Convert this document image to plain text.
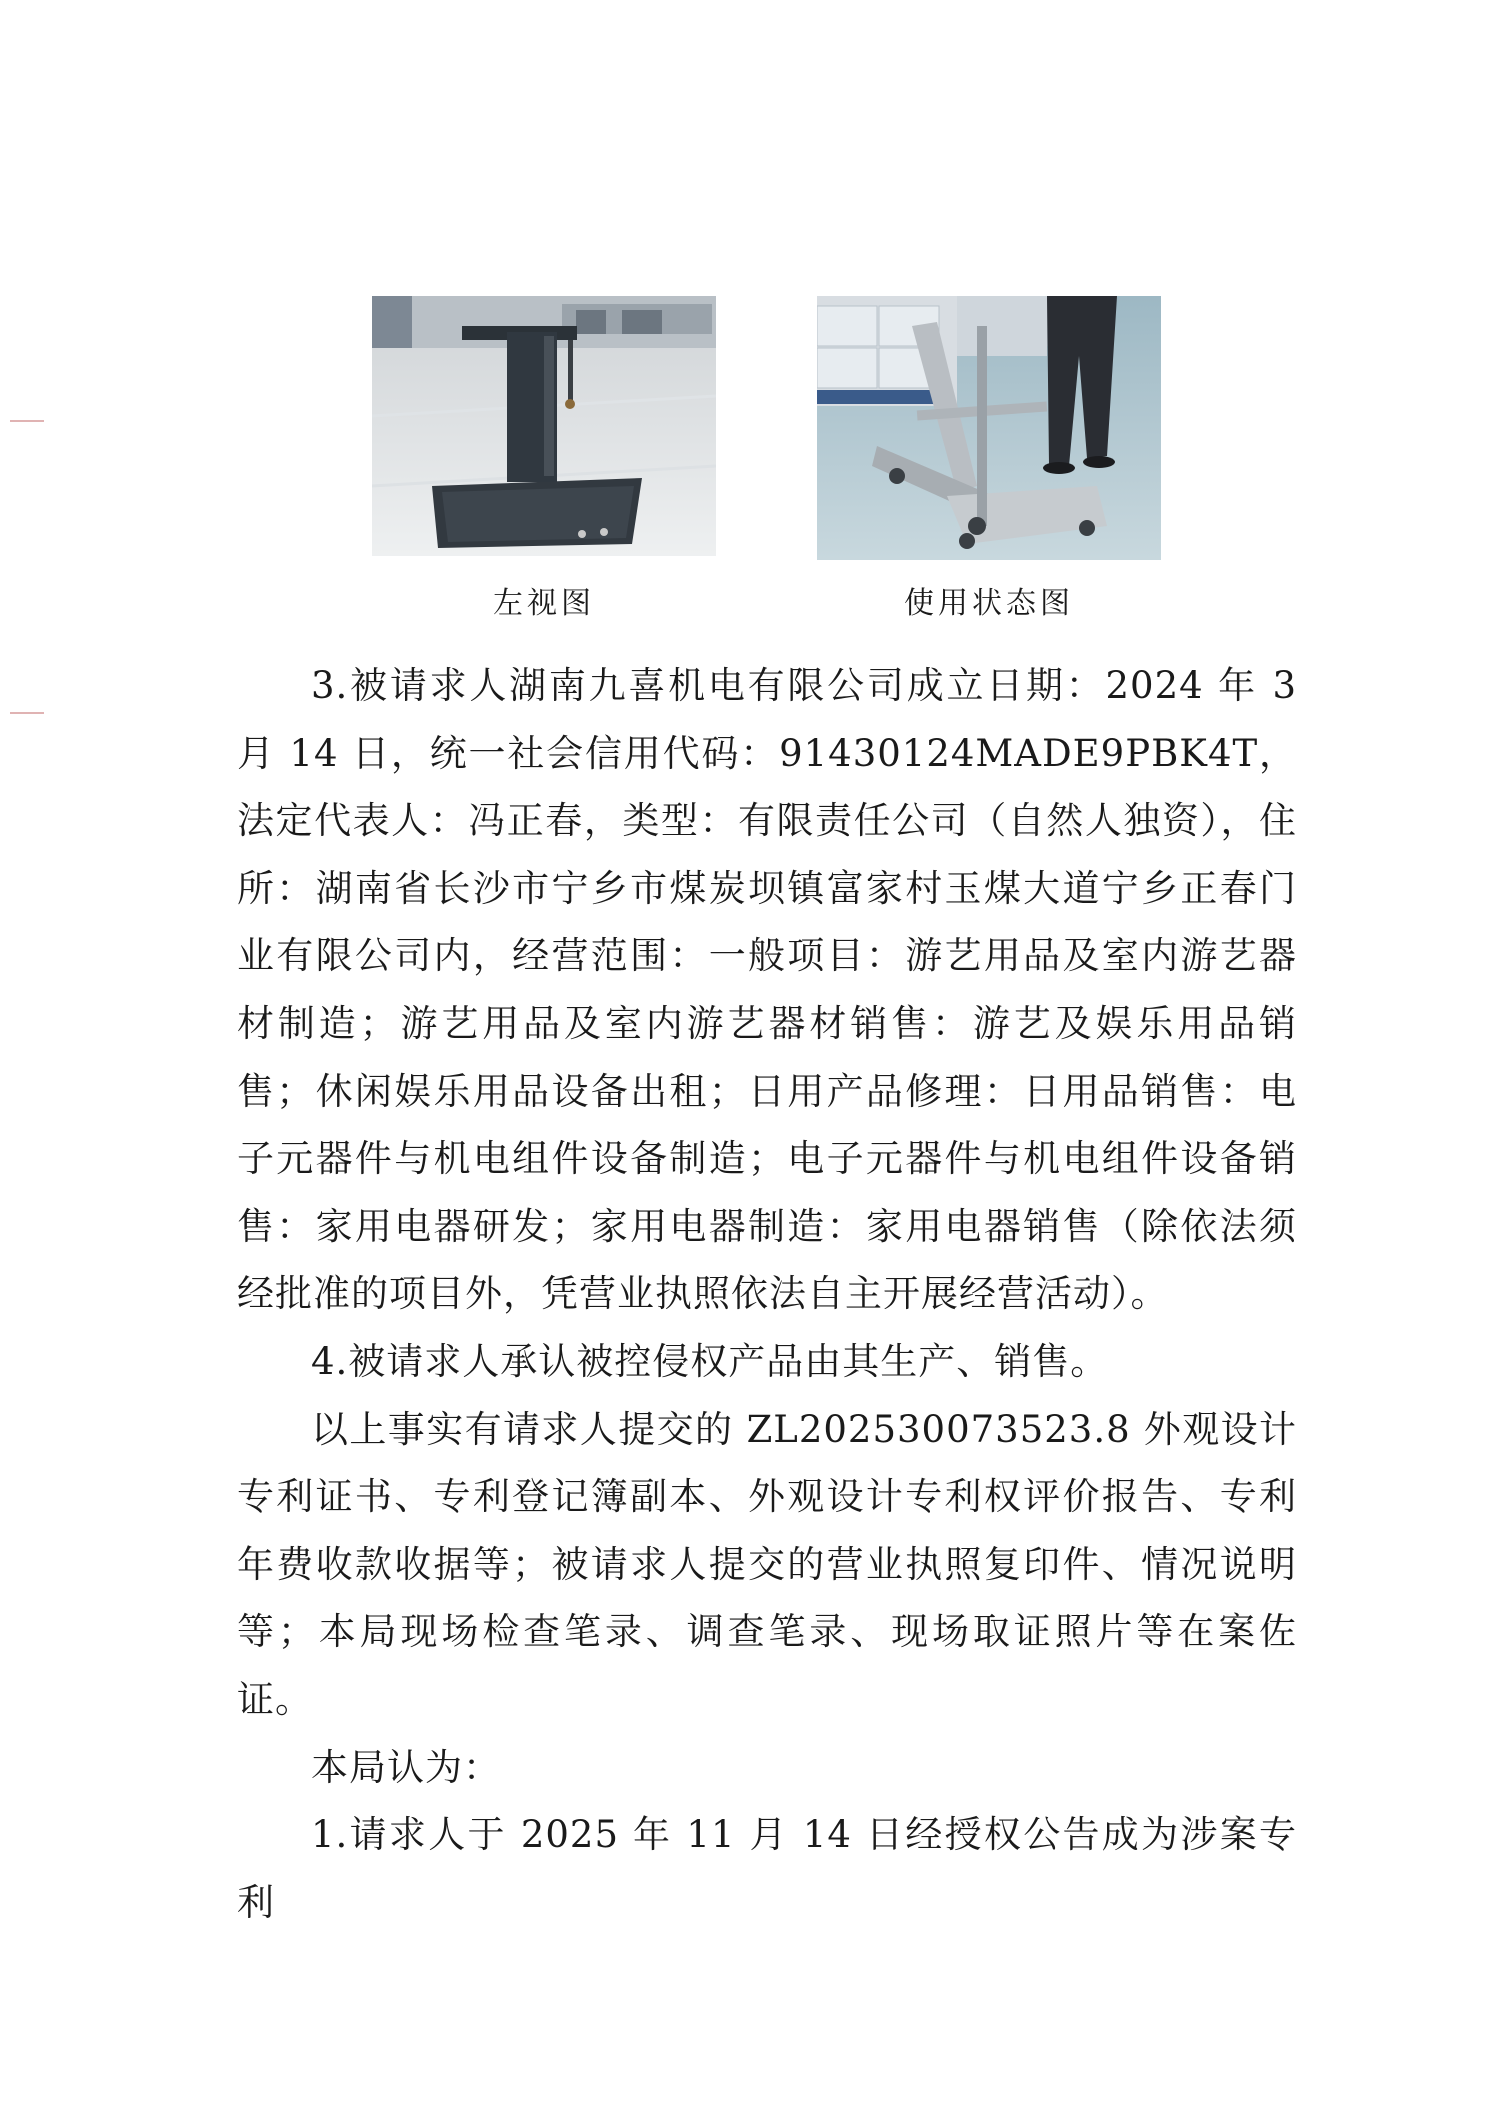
左视图	使用状态图

3.被请求人湖南九喜机电有限公司成立日期：2024 年 3 月 14 日，统一社会信用代码：91430124MADE9PBK4T，法定代表人：冯正春，类型：有限责任公司（自然人独资），住所：湖南省长沙市宁乡市煤炭坝镇富家村玉煤大道宁乡正春门业有限公司内，经营范围：一般项目：游艺用品及室内游艺器材制造；游艺用品及室内游艺器材销售：游艺及娱乐用品销售；休闲娱乐用品设备出租；日用产品修理：日用品销售：电子元器件与机电组件设备制造；电子元器件与机电组件设备销售：家用电器研发；家用电器制造：家用电器销售（除依法须经批准的项目外，凭营业执照依法自主开展经营活动）。

4.被请求人承认被控侵权产品由其生产、销售。

以上事实有请求人提交的 ZL202530073523.8 外观设计专利证书、专利登记簿副本、外观设计专利权评价报告、专利年费收款收据等；被请求人提交的营业执照复印件、情况说明等；本局现场检查笔录、调查笔录、现场取证照片等在案佐证。

本局认为：

1.请求人于 2025 年 11 月 14 日经授权公告成为涉案专利
